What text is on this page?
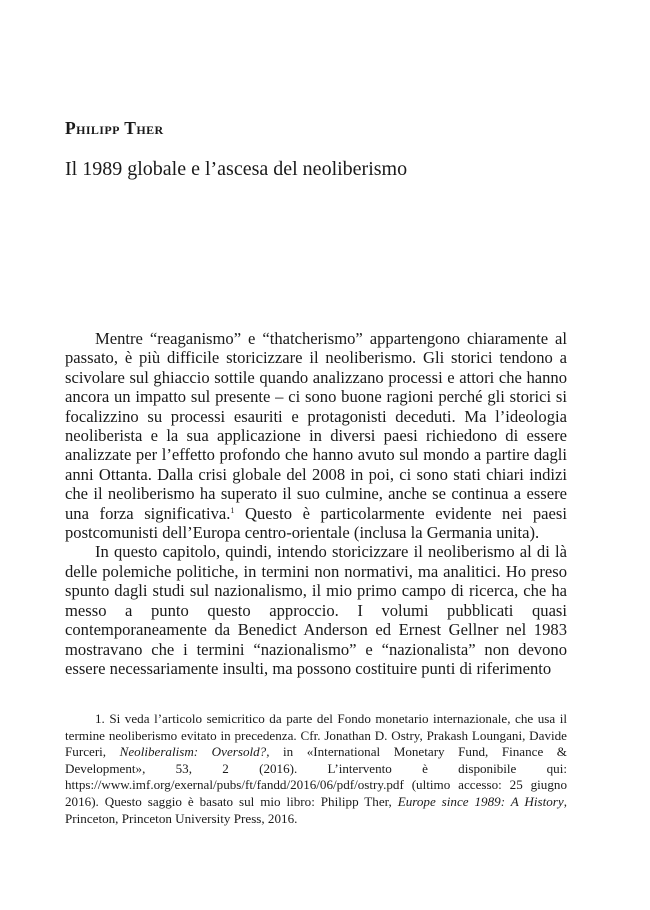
Philipp Ther
Il 1989 globale e l’ascesa del neoliberismo

Mentre “reaganismo” e “thatcherismo” appartengono chiaramente al passato, è più difficile storicizzare il neoliberismo. Gli storici tendono a scivolare sul ghiaccio sottile quando analizzano processi e attori che hanno ancora un impatto sul presente – ci sono buone ragioni perché gli storici si focalizzino su processi esauriti e protagonisti deceduti. Ma l’ideologia neoliberista e la sua applicazione in diversi paesi richiedono di essere analizzate per l’effetto profondo che hanno avuto sul mondo a partire dagli anni Ottanta. Dalla crisi globale del 2008 in poi, ci sono stati chiari indizi che il neoliberismo ha superato il suo culmine, anche se continua a essere una forza significativa.$^1$ Questo è particolarmente evidente nei paesi postcomunisti dell’Europa centro-orientale (inclusa la Germania unita).

In questo capitolo, quindi, intendo storicizzare il neoliberismo al di là delle polemiche politiche, in termini non normativi, ma analitici. Ho preso spunto dagli studi sul nazionalismo, il mio primo campo di ricerca, che ha messo a punto questo approccio. I volumi pubblicati quasi contemporaneamente da Benedict Anderson ed Ernest Gellner nel 1983 mostravano che i termini “nazionalismo” e “nazionalista” non devono essere necessariamente insulti, ma possono costituire punti di riferimento

1. Si veda l’articolo semicritico da parte del Fondo monetario internazionale, che usa il termine neoliberismo evitato in precedenza. Cfr. Jonathan D. Ostry, Prakash Loungani, Davide Furceri, Neoliberalism: Oversold?, in «International Monetary Fund, Finance & Development», 53, 2 (2016). L’intervento è disponibile qui: https://www.imf.org/exernal/pubs/ft/fandd/2016/06/pdf/ostry.pdf (ultimo accesso: 25 giugno 2016). Questo saggio è basato sul mio libro: Philipp Ther, Europe since 1989: A History, Princeton, Princeton University Press, 2016.
